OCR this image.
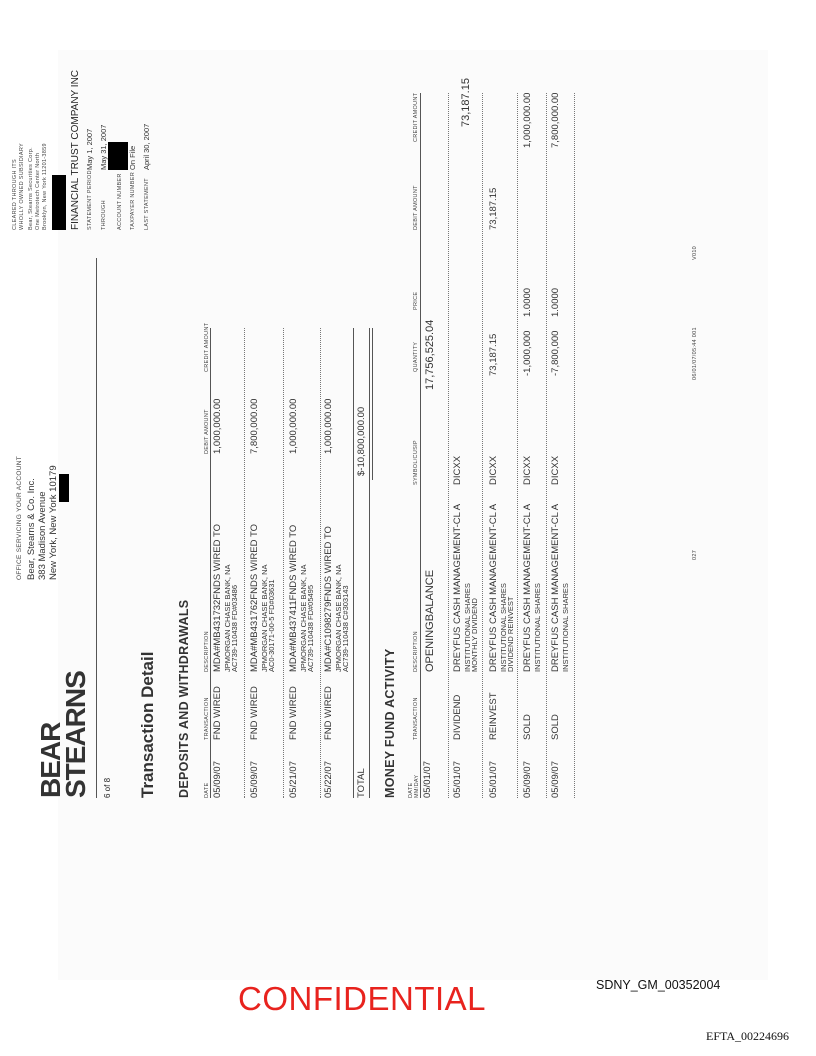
BEAR
STEARNS 6 of 8
OFFICE SERVICING YOUR ACCOUNT Bear, Stearns & Co. Inc. 383 Madison Avenue New York, New York 10179
CLEARED THROUGH ITS WHOLLY OWNED SUBSIDIARY Bear, Stearns Securities Corp. One Metrotech Center North Brooklyn, New York 11201-3859 FINANCIAL TRUST COMPANY INC STATEMENT PERIOD
May 1, 2007
THROUGH
May 31, 2007
ACCOUNT NUMBER TAXPAYER NUMBER
On File
LAST STATEMENT
April 30, 2007
Transaction Detail DEPOSITS AND WITHDRAWALS DATE
TRANSACTION
DESCRIPTION
DEBIT AMOUNT
CREDIT AMOUNT
05/09/07
FND WIRED
MDA#MB431732FNDS WIRED TO JPMORGAN CHASE BANK, NA
AC739-110438 FD#03486
1,000,000.00
05/09/07
FND WIRED
MDA#MB431762FNDS WIRED TO JPMORGAN CHASE BANK, NA
AC0-30171-00-5 FD#03631
7,800,000.00
05/21/07
FND WIRED
MDA#MB437411FNDS WIRED TO JPMORGAN CHASE BANK, NA
AC739-110438 FD#05495
1,000,000.00
05/22/07
FND WIRED
MDA#C1098279FNDS WIRED TO JPMORGAN CHASE BANK, NA
AC739-110438 C#303143
1,000,000.00
TOTAL
$-10,800,000.00
MONEY FUND ACTIVITY DATE MM/DAY
TRANSACTION
DESCRIPTION
SYMBOL/CUSIP
QUANTITY
PRICE
DEBIT AMOUNT
CREDIT AMOUNT
05/01/07
OPENINGBALANCE
17,756,525.04
05/01/07
DIVIDEND
DREYFUS CASH MANAGEMENT-CL A INSTITUTIONAL SHARES
MONTHLY DIVIDEND
DICXX
73,187.15
05/01/07
REINVEST
DREYFUS CASH MANAGEMENT-CL A INSTITUTIONAL SHARES
DIVIDEND REINVEST
DICXX
73,187.15
73,187.15
05/09/07
SOLD
DREYFUS CASH MANAGEMENT-CL A INSTITUTIONAL SHARES
DICXX
-1,000,000
1.0000
1,000,000.00
05/09/07
SOLD
DREYFUS CASH MANAGEMENT-CL A INSTITUTIONAL SHARES
DICXX
-7,800,000
1.0000
7,800,000.00
027
06/01/07/05:44 001
V010
CONFIDENTIAL	SDNY_GM_00352004
EFTA_00224696
